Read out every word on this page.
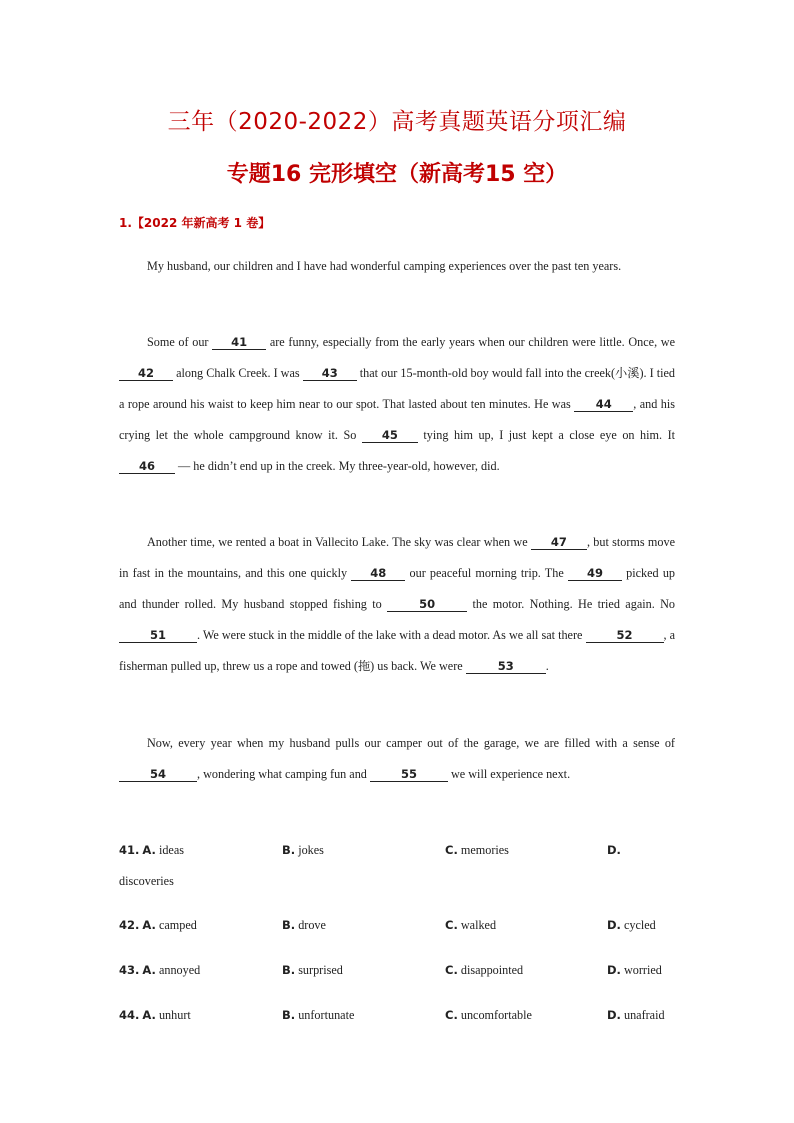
三年（2020-2022）高考真题英语分项汇编
专题16 完形填空（新高考15 空）
1.【2022 年新高考 1 卷】
My husband, our children and I have had wonderful camping experiences over the past ten years.
Some of our 41 are funny, especially from the early years when our children were little. Once, we 42 along Chalk Creek. I was 43 that our 15-month-old boy would fall into the creek(小溪). I tied a rope around his waist to keep him near to our spot. That lasted about ten minutes. He was 44 , and his crying let the whole campground know it. So 45 tying him up, I just kept a close eye on him. It 46 — he didn’t end up in the creek. My three-year-old, however, did.
Another time, we rented a boat in Vallecito Lake. The sky was clear when we 47 , but storms move in fast in the mountains, and this one quickly 48 our peaceful morning trip. The 49 picked up and thunder rolled. My husband stopped fishing to	50	the motor. Nothing. He tried again. No 51	. We were stuck in the middle of the lake with a dead motor. As we all sat there	52	, a fisherman pulled up, threw us a rope and towed (拖) us back. We were	53	.
Now, every year when my husband pulls our camper out of the garage, we are filled with a sense of 54	, wondering what camping fun and	55	we will experience next.
41. A. ideas	B. jokes	C. memories	D.
discoveries
42. A. camped	B. drove	C. walked	D. cycled
43. A. annoyed	B. surprised	C. disappointed	D. worried
44. A. unhurt	B. unfortunate	C. uncomfortable	D. unafraid
